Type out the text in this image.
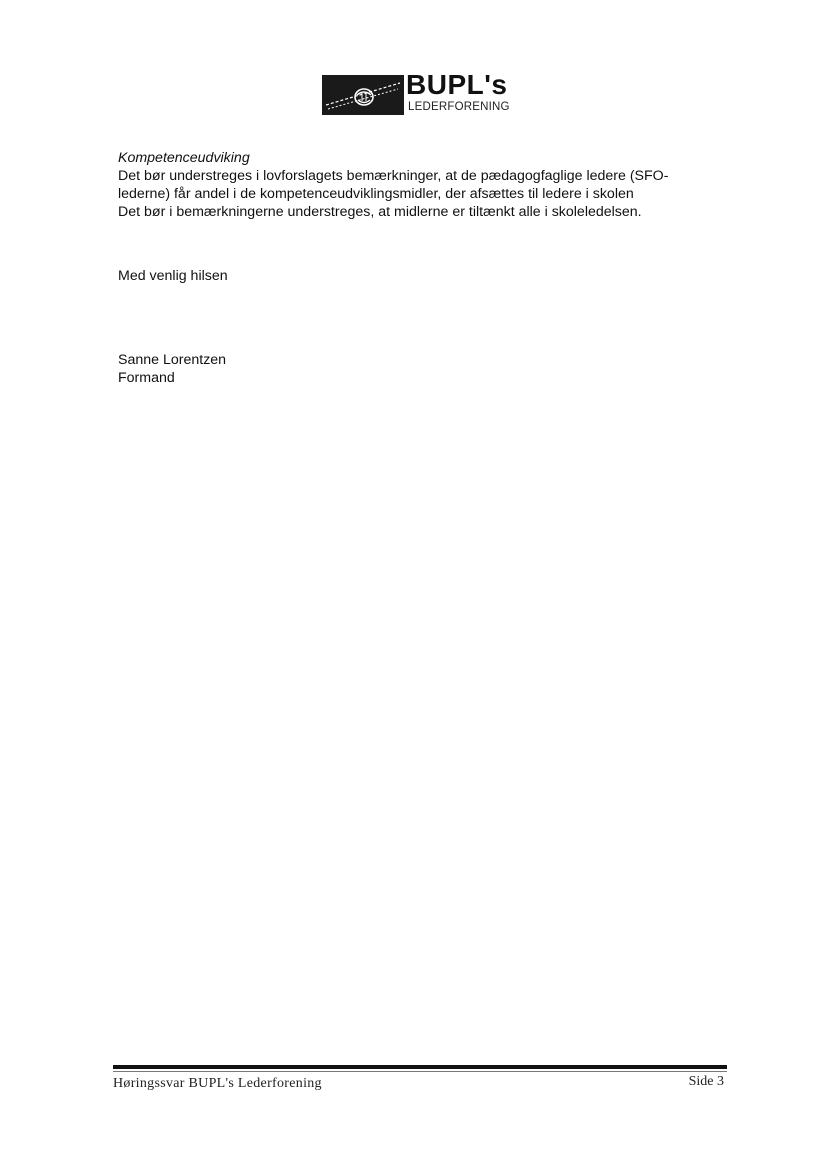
BUPL's
LEDERFORENING
Kompetenceudviking
Det bør understreges i lovforslagets bemærkninger, at de pædagogfaglige ledere (SFO-
lederne) får andel i de kompetenceudviklingsmidler, der afsættes til ledere i skolen
Det bør i bemærkningerne understreges, at midlerne er tiltænkt alle i skoleledelsen.
Med venlig hilsen
Sanne Lorentzen
Formand
Høringssvar BUPL's Lederforening	Side 3
